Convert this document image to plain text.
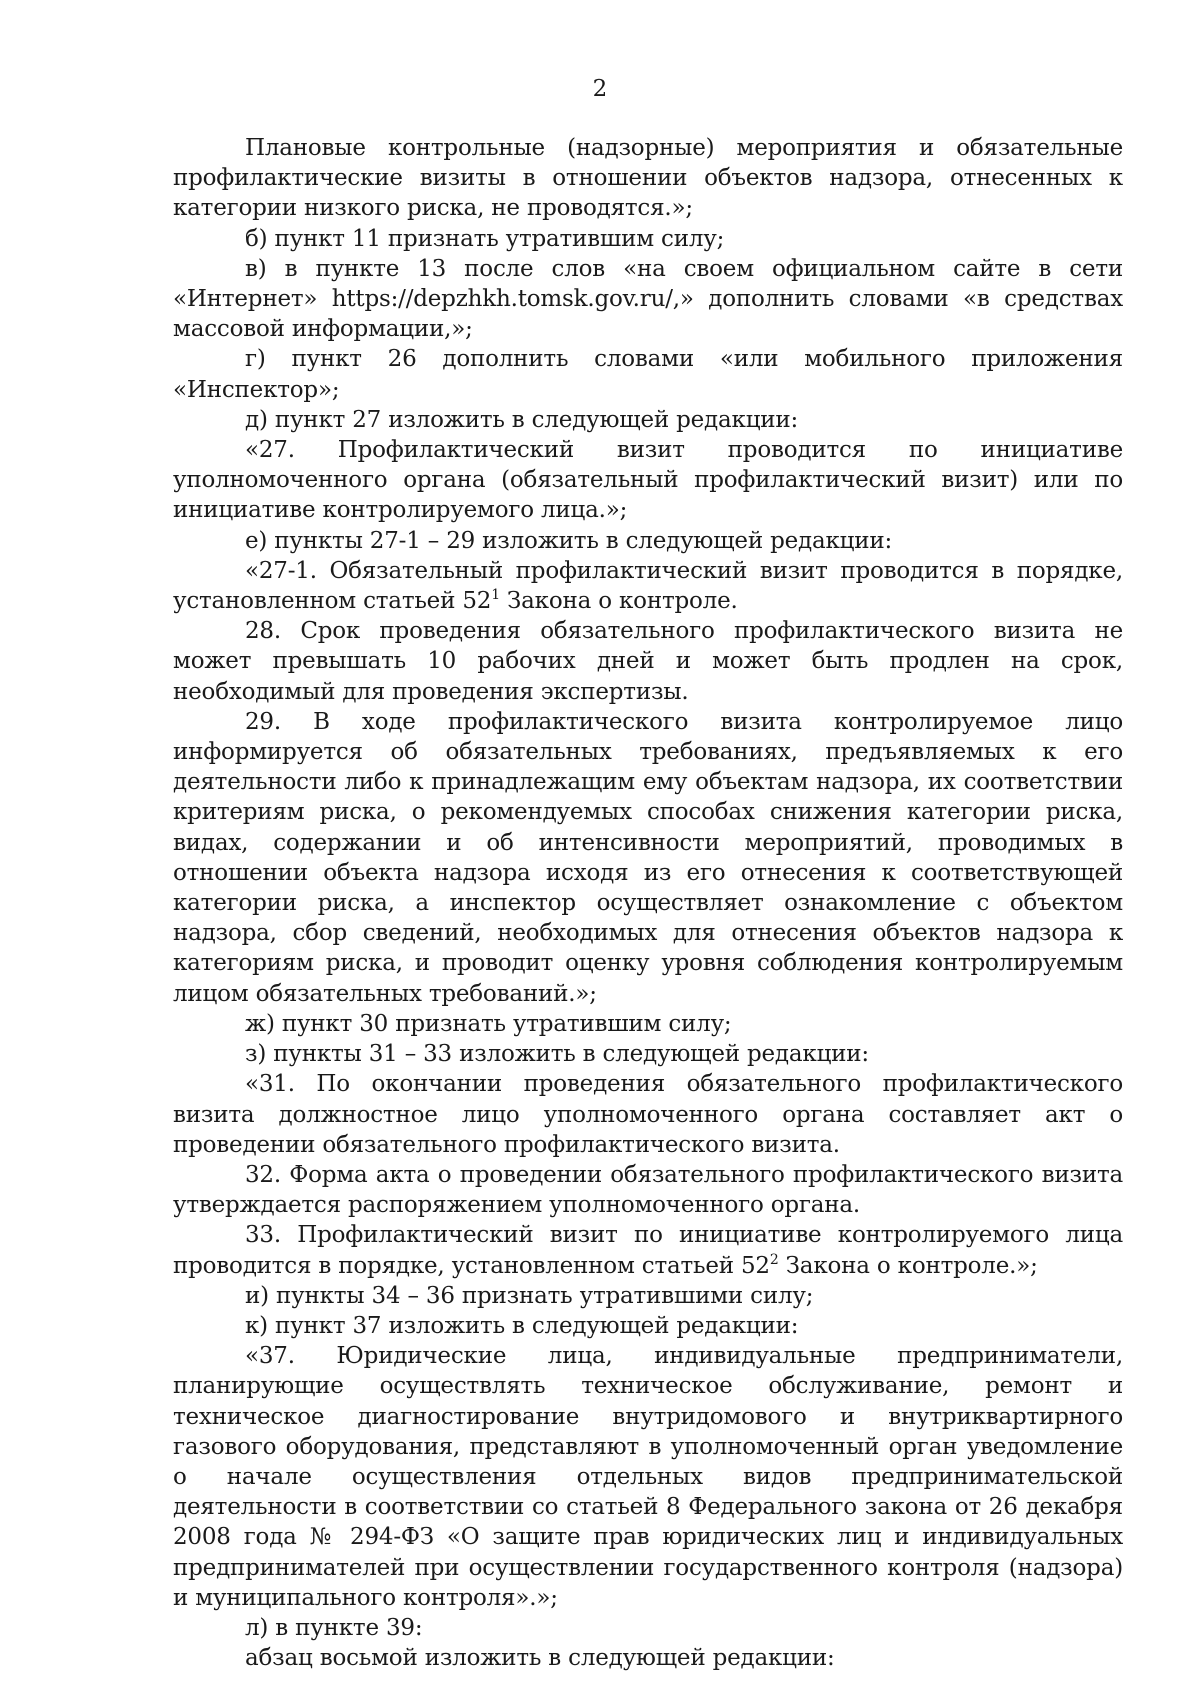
2

Плановые контрольные (надзорные) мероприятия и обязательные профилактические визиты в отношении объектов надзора, отнесенных к категории низкого риска, не проводятся.»;

б) пункт 11 признать утратившим силу;

в) в пункте 13 после слов «на своем официальном сайте в сети «Интернет» https://depzhkh.tomsk.gov.ru/,» дополнить словами «в средствах массовой информации,»;

г) пункт 26 дополнить словами «или мобильного приложения «Инспектор»;

д) пункт 27 изложить в следующей редакции:

«27. Профилактический визит проводится по инициативе уполномоченного органа (обязательный профилактический визит) или по инициативе контролируемого лица.»;

е) пункты 27-1 – 29 изложить в следующей редакции:

«27-1. Обязательный профилактический визит проводится в порядке, установленном статьей $52^1$ Закона о контроле.

28. Срок проведения обязательного профилактического визита не может превышать 10 рабочих дней и может быть продлен на срок, необходимый для проведения экспертизы.

29. В ходе профилактического визита контролируемое лицо информируется об обязательных требованиях, предъявляемых к его деятельности либо к принадлежащим ему объектам надзора, их соответствии критериям риска, о рекомендуемых способах снижения категории риска, видах, содержании и об интенсивности мероприятий, проводимых в отношении объекта надзора исходя из его отнесения к соответствующей категории риска, а инспектор осуществляет ознакомление с объектом надзора, сбор сведений, необходимых для отнесения объектов надзора к категориям риска, и проводит оценку уровня соблюдения контролируемым лицом обязательных требований.»;

ж) пункт 30 признать утратившим силу;

з) пункты 31 – 33 изложить в следующей редакции:

«31. По окончании проведения обязательного профилактического визита должностное лицо уполномоченного органа составляет акт о проведении обязательного профилактического визита.

32. Форма акта о проведении обязательного профилактического визита утверждается распоряжением уполномоченного органа.

33. Профилактический визит по инициативе контролируемого лица проводится в порядке, установленном статьей $52^2$ Закона о контроле.»;

и) пункты 34 – 36 признать утратившими силу;

к) пункт 37 изложить в следующей редакции:

«37. Юридические лица, индивидуальные предприниматели, планирующие осуществлять техническое обслуживание, ремонт и техническое диагностирование внутридомового и внутриквартирного газового оборудования, представляют в уполномоченный орган уведомление о начале осуществления отдельных видов предпринимательской деятельности в соответствии со статьей 8 Федерального закона от 26 декабря 2008 года № 294-ФЗ «О защите прав юридических лиц и индивидуальных предпринимателей при осуществлении государственного контроля (надзора) и муниципального контроля».»;

л) в пункте 39:

абзац восьмой изложить в следующей редакции:
